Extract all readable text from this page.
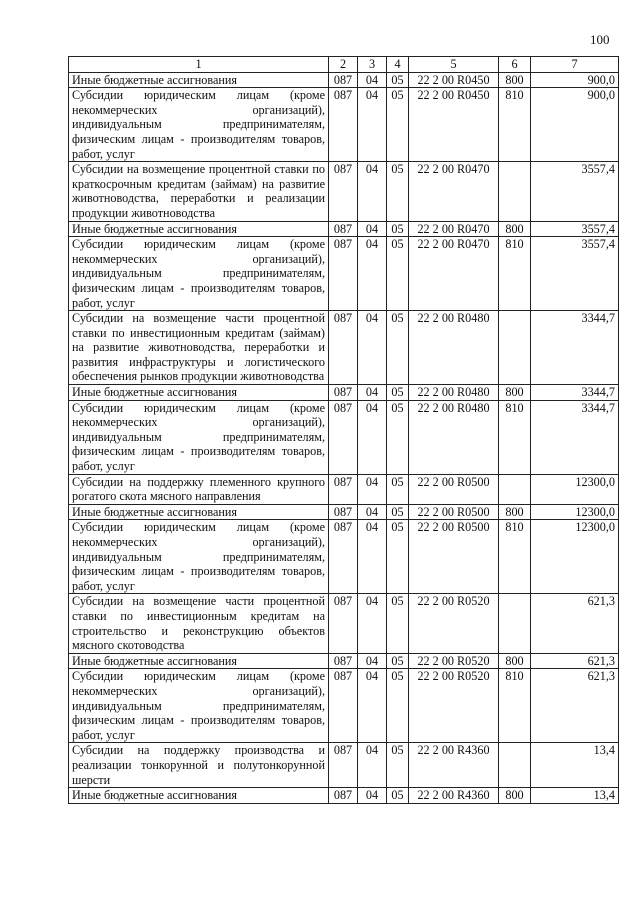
100
1	2	3	4	5	6	7
Иные бюджетные ассигнования	087	04	05	22 2 00 R0450	800	900,0
Субсидии юридическим лицам (кроме некоммерческих организаций), индивидуальным предпринимателям, физическим лицам - производителям товаров, работ, услуг	087	04	05	22 2 00 R0450	810	900,0
Субсидии на возмещение процентной ставки по краткосрочным кредитам (займам) на развитие животноводства, переработки и реализации продукции животноводства	087	04	05	22 2 00 R0470		3557,4
Иные бюджетные ассигнования	087	04	05	22 2 00 R0470	800	3557,4
Субсидии юридическим лицам (кроме некоммерческих организаций), индивидуальным предпринимателям, физическим лицам - производителям товаров, работ, услуг	087	04	05	22 2 00 R0470	810	3557,4
Субсидии на возмещение части процентной ставки по инвестиционным кредитам (займам) на развитие животноводства, переработки и развития инфраструктуры и логистического обеспечения рынков продукции животноводства	087	04	05	22 2 00 R0480		3344,7
Иные бюджетные ассигнования	087	04	05	22 2 00 R0480	800	3344,7
Субсидии юридическим лицам (кроме некоммерческих организаций), индивидуальным предпринимателям, физическим лицам - производителям товаров, работ, услуг	087	04	05	22 2 00 R0480	810	3344,7
Субсидии на поддержку племенного крупного рогатого скота мясного направления	087	04	05	22 2 00 R0500		12300,0
Иные бюджетные ассигнования	087	04	05	22 2 00 R0500	800	12300,0
Субсидии юридическим лицам (кроме некоммерческих организаций), индивидуальным предпринимателям, физическим лицам - производителям товаров, работ, услуг	087	04	05	22 2 00 R0500	810	12300,0
Субсидии на возмещение части процентной ставки по инвестиционным кредитам на строительство и реконструкцию объектов мясного скотоводства	087	04	05	22 2 00 R0520		621,3
Иные бюджетные ассигнования	087	04	05	22 2 00 R0520	800	621,3
Субсидии юридическим лицам (кроме некоммерческих организаций), индивидуальным предпринимателям, физическим лицам - производителям товаров, работ, услуг	087	04	05	22 2 00 R0520	810	621,3
Субсидии на поддержку производства и реализации тонкорунной и полутонкорунной шерсти	087	04	05	22 2 00 R4360		13,4
Иные бюджетные ассигнования	087	04	05	22 2 00 R4360	800	13,4
